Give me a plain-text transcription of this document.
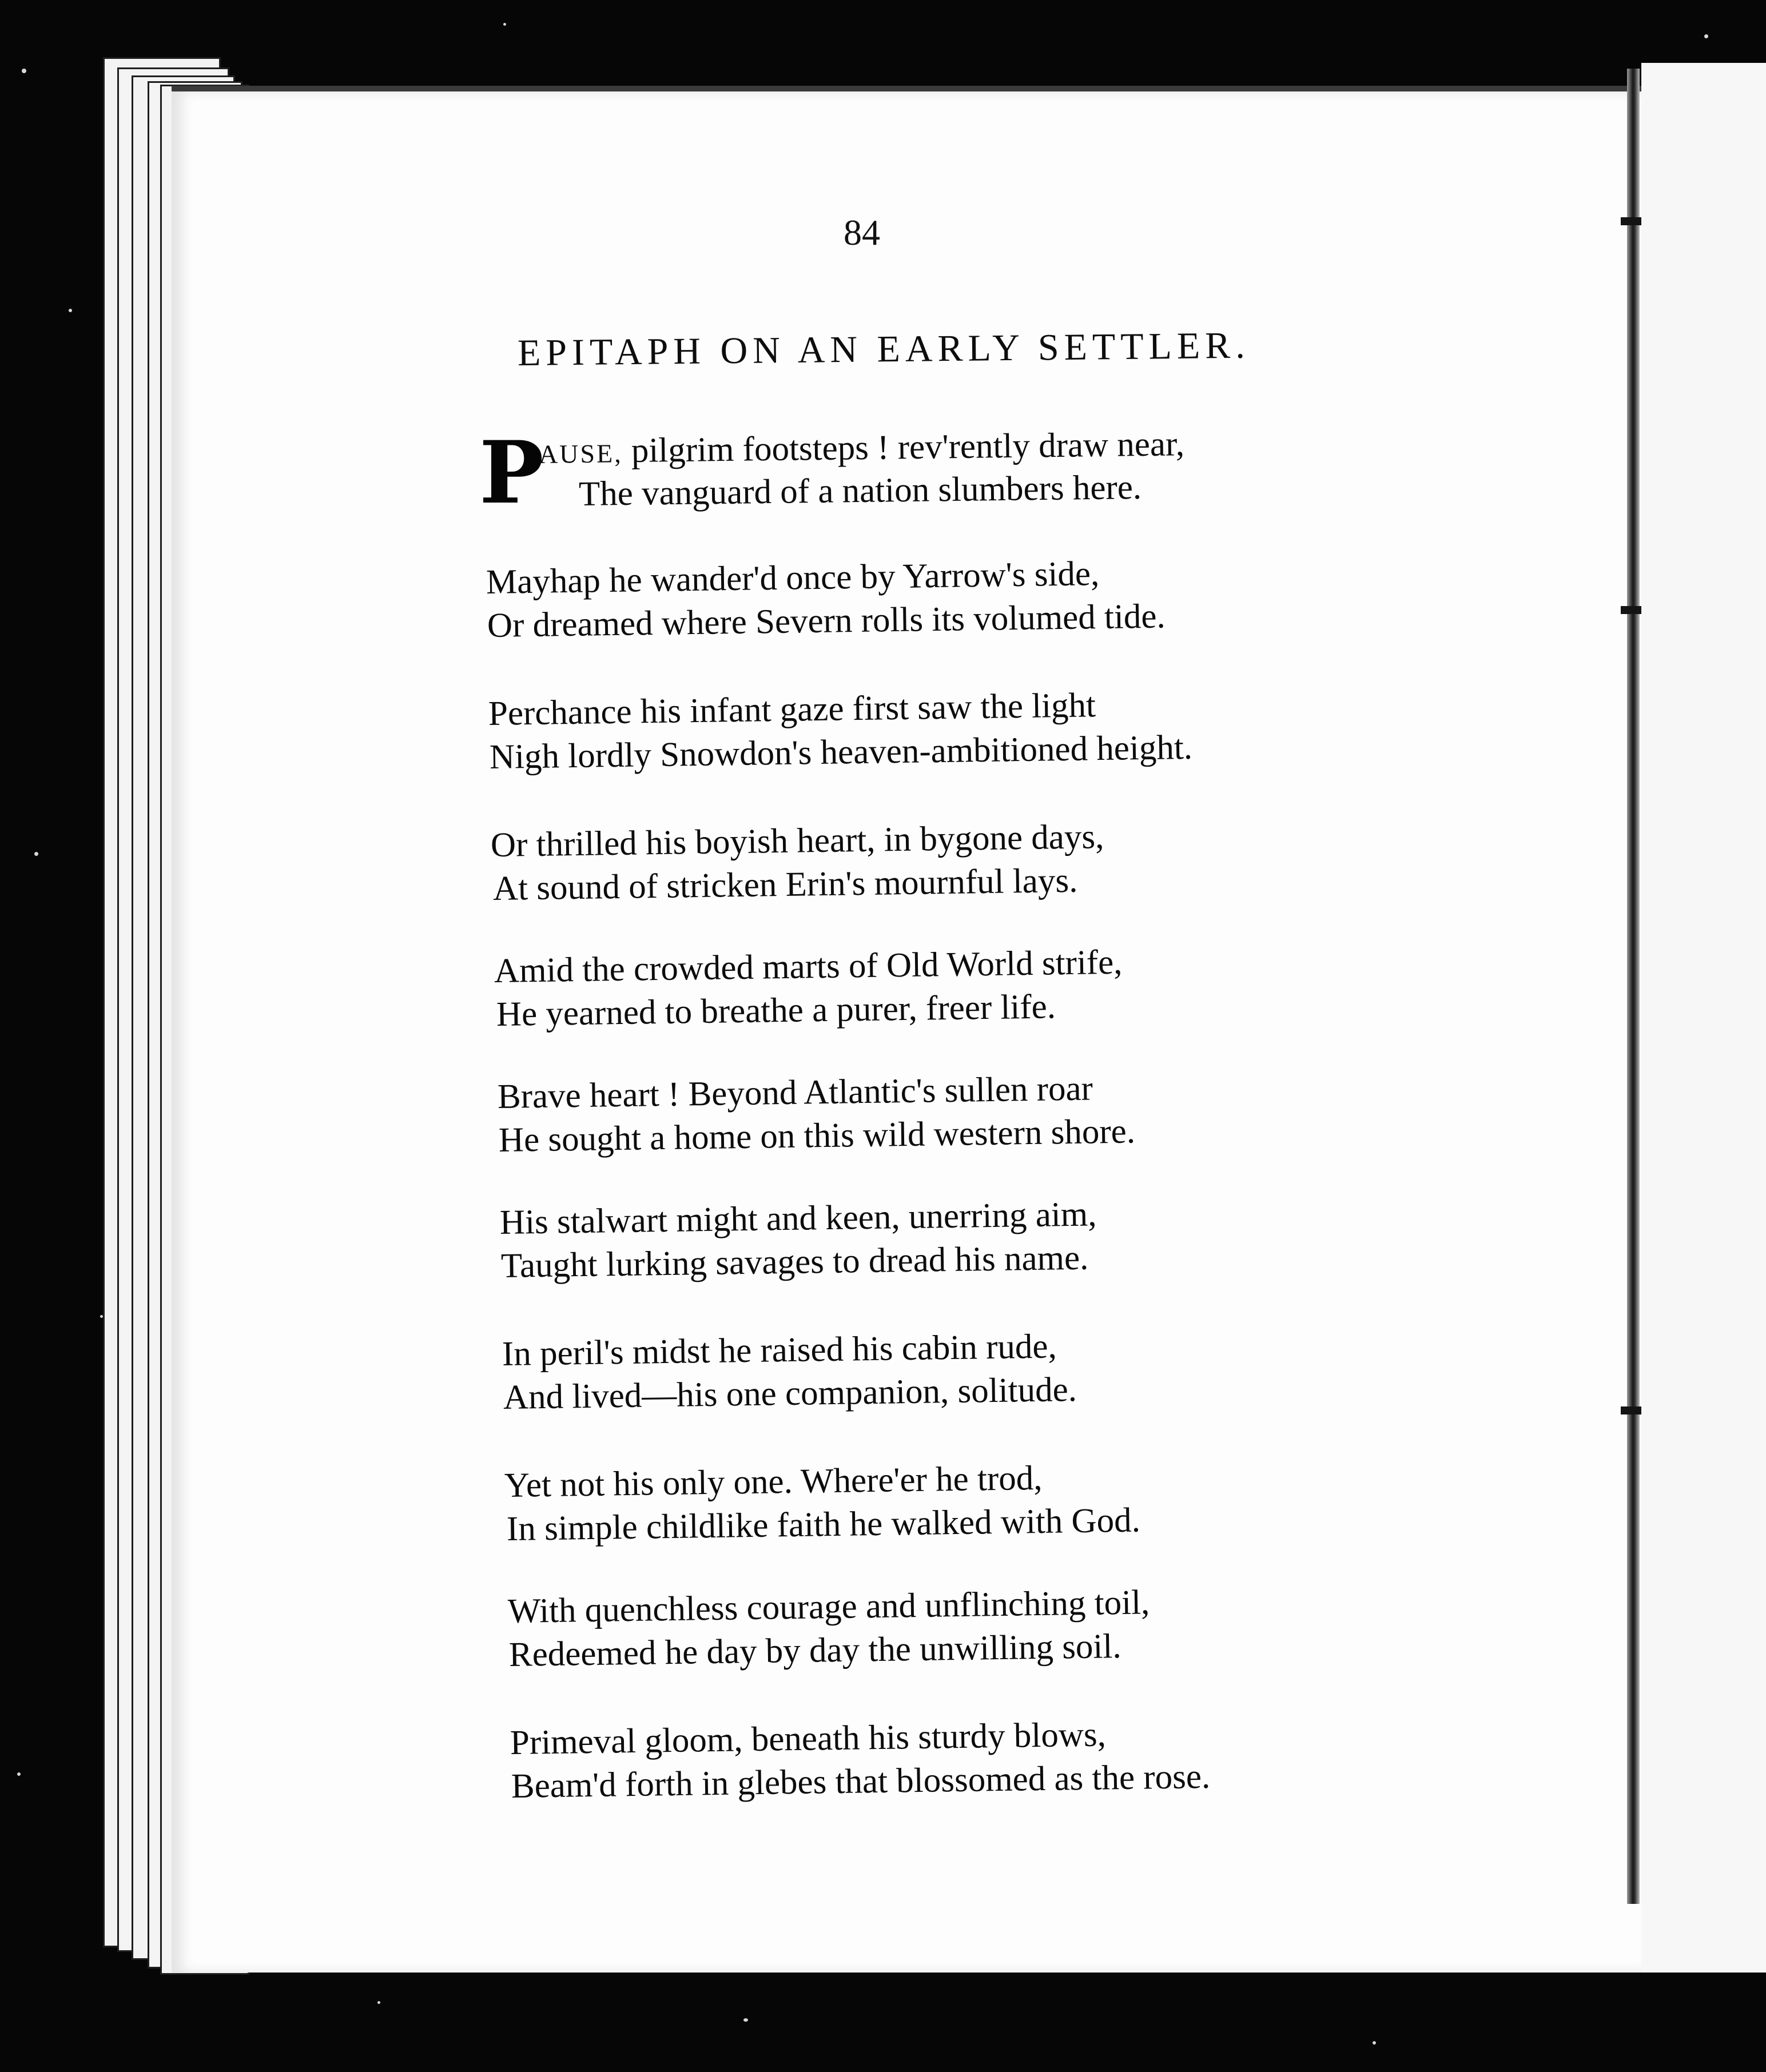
84
EPITAPH ON AN EARLY SETTLER.
P
AUSE, pilgrim footsteps ! rev'rently draw near,
The vanguard of a nation slumbers here.
Mayhap he wander'd once by Yarrow's side,
Or dreamed where Severn rolls its volumed tide.
Perchance his infant gaze first saw the light
Nigh lordly Snowdon's heaven-ambitioned height.
Or thrilled his boyish heart, in bygone days,
At sound of stricken Erin's mournful lays.
Amid the crowded marts of Old World strife,
He yearned to breathe a purer, freer life.
Brave heart ! Beyond Atlantic's sullen roar
He sought a home on this wild western shore.
His stalwart might and keen, unerring aim,
Taught lurking savages to dread his name.
In peril's midst he raised his cabin rude,
And lived—his one companion, solitude.
Yet not his only one. Where'er he trod,
In simple childlike faith he walked with God.
With quenchless courage and unflinching toil,
Redeemed he day by day the unwilling soil.
Primeval gloom, beneath his sturdy blows,
Beam'd forth in glebes that blossomed as the rose.
